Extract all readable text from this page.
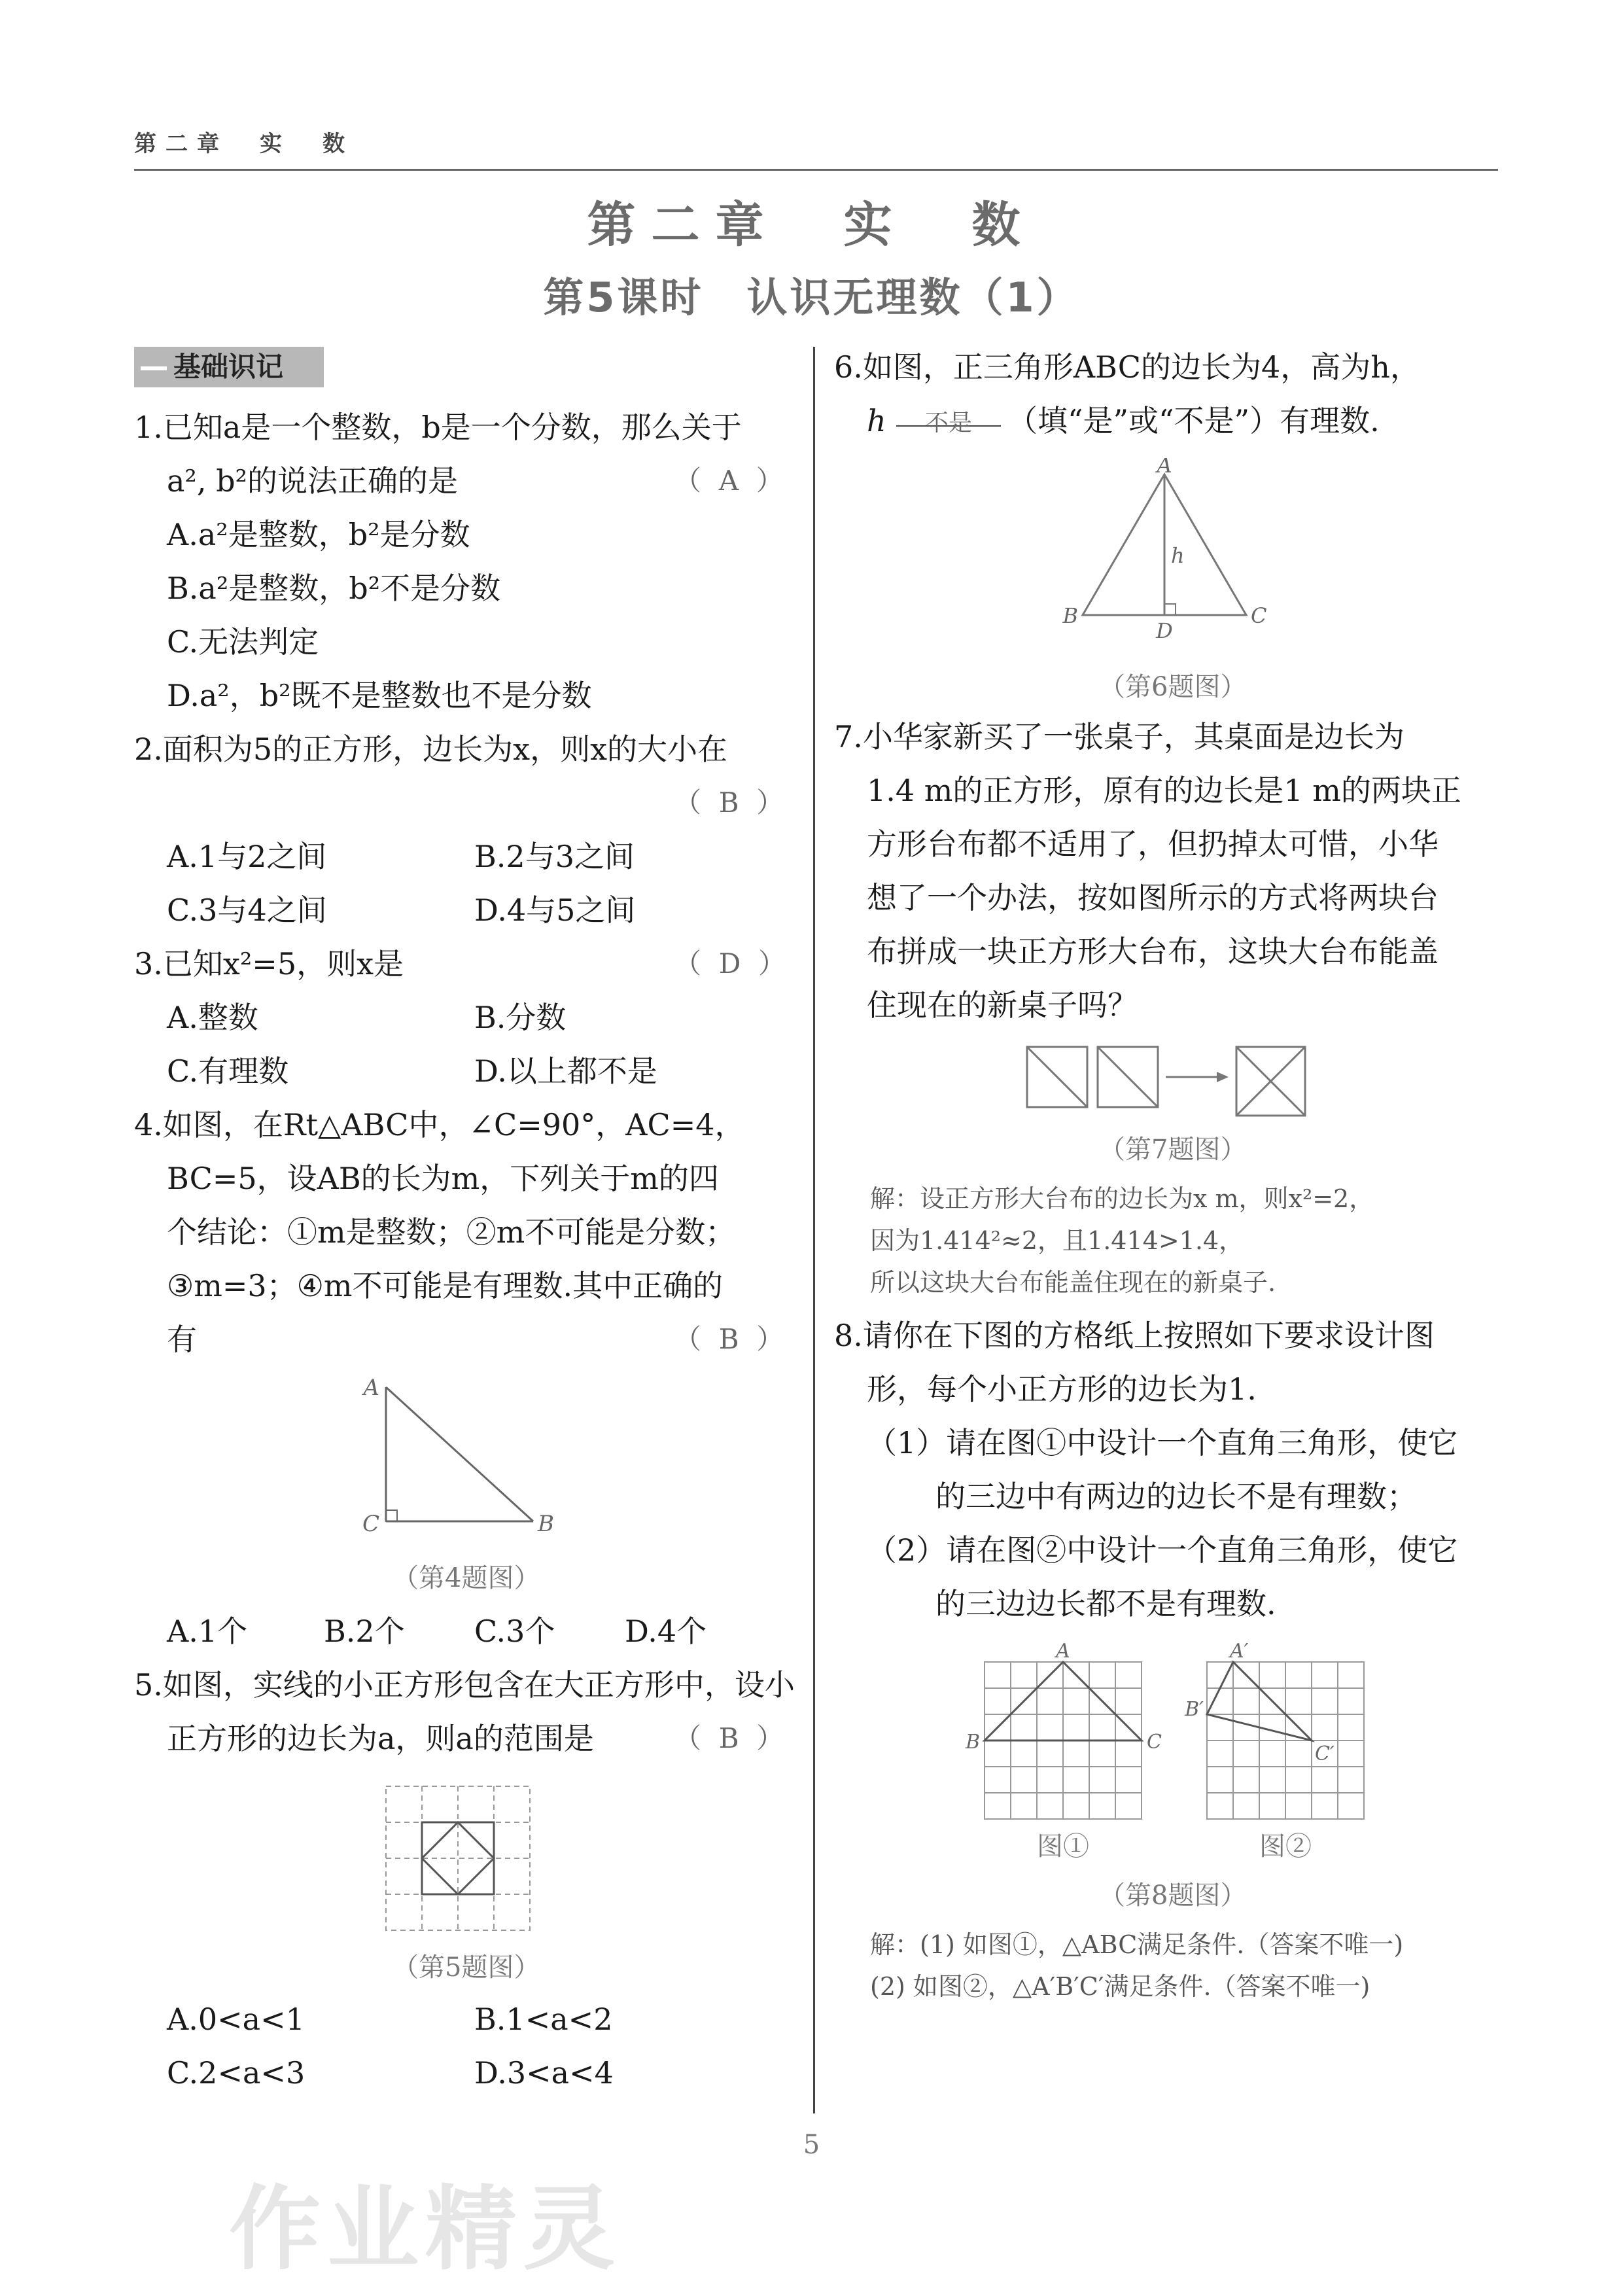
第二章　实　数
第二章　实　数
第5课时　认识无理数（1）
基础识记
1.已知a是一个整数，b是一个分数，那么关于
a², b²的说法正确的是	（  A  ）
A.a²是整数，b²是分数
B.a²是整数，b²不是分数
C.无法判定
D.a²，b²既不是整数也不是分数
2.面积为5的正方形，边长为x，则x的大小在
（  B  ）
A.1与2之间	B.2与3之间
C.3与4之间	D.4与5之间
3.已知x²=5，则x是	（  D  ）
A.整数	B.分数
C.有理数	D.以上都不是
4.如图，在Rt△ABC中，∠C=90°，AC=4，
BC=5，设AB的长为m，下列关于m的四
个结论：①m是整数；②m不可能是分数；
③m=3；④m不可能是有理数.其中正确的
有	（  B  ）
A
C	B
（第4题图）
A.1个	B.2个 C.3个 D.4个
5.如图，实线的小正方形包含在大正方形中，设小
正方形的边长为a，则a的范围是	（  B  ）
（第5题图）
A.0<a<1	B.1<a<2
C.2<a<3	D.3<a<4
6.如图，正三角形ABC的边长为4，高为h，
h	不是	（填“是”或“不是”）有理数.
A
B	C
D
h
（第6题图）
7.小华家新买了一张桌子，其桌面是边长为
1.4 m的正方形，原有的边长是1 m的两块正
方形台布都不适用了，但扔掉太可惜，小华
想了一个办法，按如图所示的方式将两块台
布拼成一块正方形大台布，这块大台布能盖
住现在的新桌子吗？
（第7题图）
解：设正方形大台布的边长为x m，则x²=2，
因为1.414²≈2，且1.414>1.4，
所以这块大台布能盖住现在的新桌子.
8.请你在下图的方格纸上按照如下要求设计图
形，每个小正方形的边长为1.
（1）请在图①中设计一个直角三角形，使它
的三边中有两边的边长不是有理数；
（2）请在图②中设计一个直角三角形，使它
的三边边长都不是有理数.
A
B	C
A′
B′
C′
图①	图②
（第8题图）
解：(1) 如图①，△ABC满足条件.（答案不唯一)
(2) 如图②，△A′B′C′满足条件.（答案不唯一)
5
作业精灵
